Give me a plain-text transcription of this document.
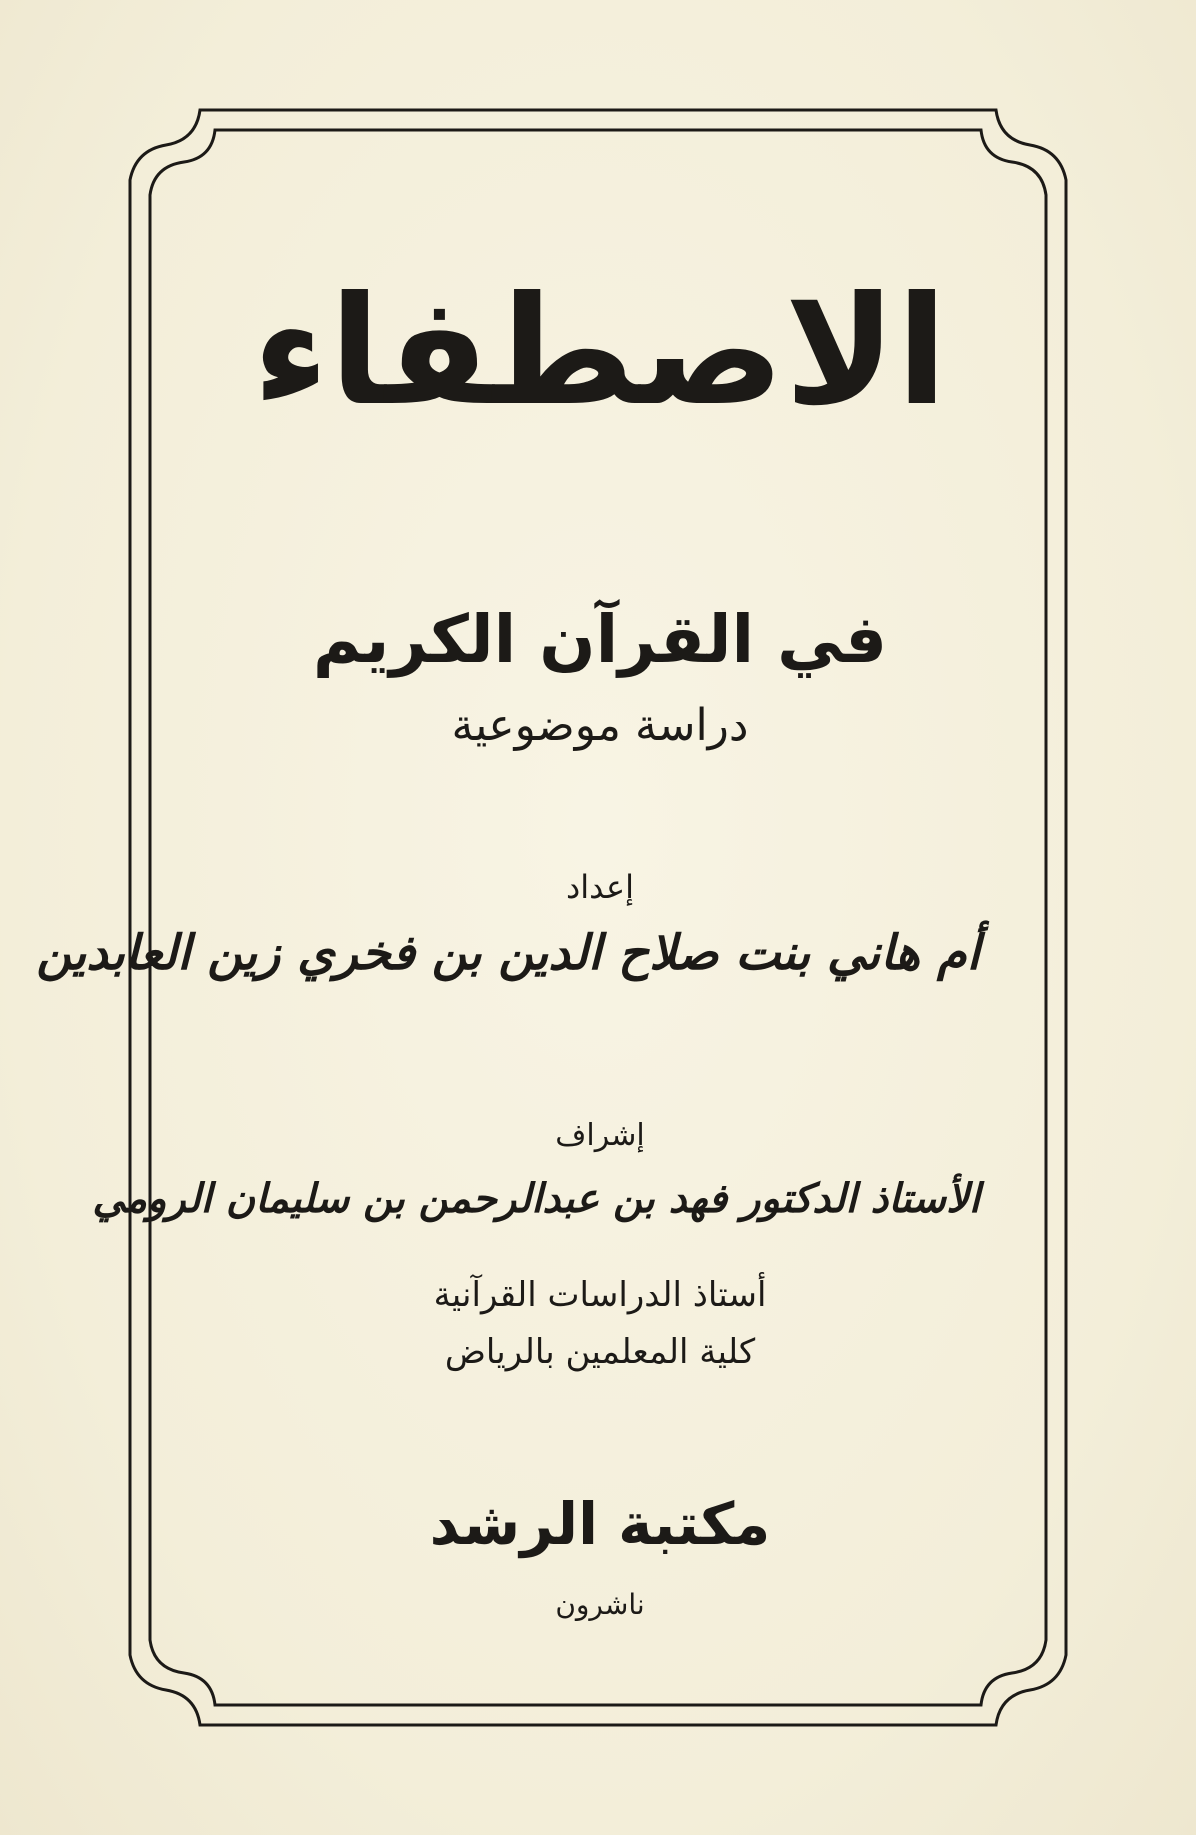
الاصطفاء
في القرآن الكريم
دراسة موضوعية
إعداد
أم هاني بنت صلاح الدين بن فخري زين العابدين
إشراف
الأستاذ الدكتور فهد بن عبدالرحمن بن سليمان الرومي
أستاذ الدراسات القرآنية
كلية المعلمين بالرياض
مكتبة الرشد
ناشرون
